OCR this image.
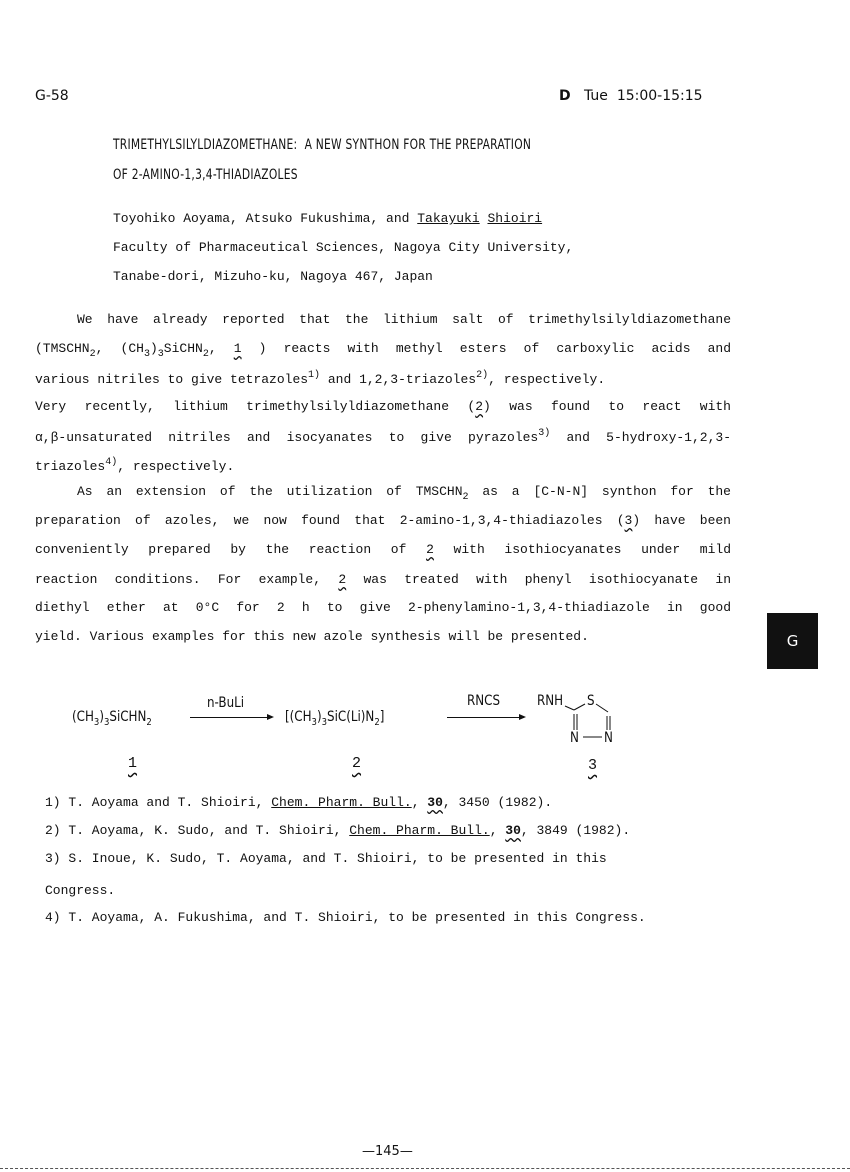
G-58	D Tue 15:00-15:15
TRIMETHYLSILYLDIAZOMETHANE:  A NEW SYNTHON FOR THE PREPARATION
OF 2-AMINO-1,3,4-THIADIAZOLES
Toyohiko Aoyama, Atsuko Fukushima, and Takayuki Shioiri
Faculty of Pharmaceutical Sciences, Nagoya City University,
Tanabe-dori, Mizuho-ku, Nagoya 467, Japan
We have already reported that the lithium salt of trimethylsilyldiazomethane
($TMSCHN_2$, $(CH_3)_3SiCHN_2$, 1 ) reacts with methyl esters of carboxylic acids and
various nitriles to give tetrazoles$^{1)}$ and 1,2,3-triazoles$^{2)}$, respectively.
Very recently, lithium trimethylsilyldiazomethane (2) was found to react with
α,β-unsaturated nitriles and isocyanates to give pyrazoles$^{3)}$ and 5-hydroxy-1,2,3-
triazoles$^{4)}$, respectively.
As an extension of the utilization of $TMSCHN_2$ as a [C-N-N] synthon for the
preparation of azoles, we now found that 2-amino-1,3,4-thiadiazoles (3) have been
conveniently prepared by the reaction of 2 with isothiocyanates under mild
reaction conditions. For example, 2 was treated with phenyl isothiocyanate in
diethyl ether at 0°C for 2 h to give 2-phenylamino-1,3,4-thiadiazole in good
yield. Various examples for this new azole synthesis will be presented.
$(CH_3)_3SiCHN_2$
n-BuLi
$[(CH_3)_3SiC(Li)N_2]$
RNCS	RNH S
N N
1	2	3
1) T. Aoyama and T. Shioiri, Chem. Pharm. Bull., 30, 3450 (1982).
2) T. Aoyama, K. Sudo, and T. Shioiri, Chem. Pharm. Bull., 30, 3849 (1982).
3) S. Inoue, K. Sudo, T. Aoyama, and T. Shioiri, to be presented in this
Congress.
4) T. Aoyama, A. Fukushima, and T. Shioiri, to be presented in this Congress.
G
—145—
